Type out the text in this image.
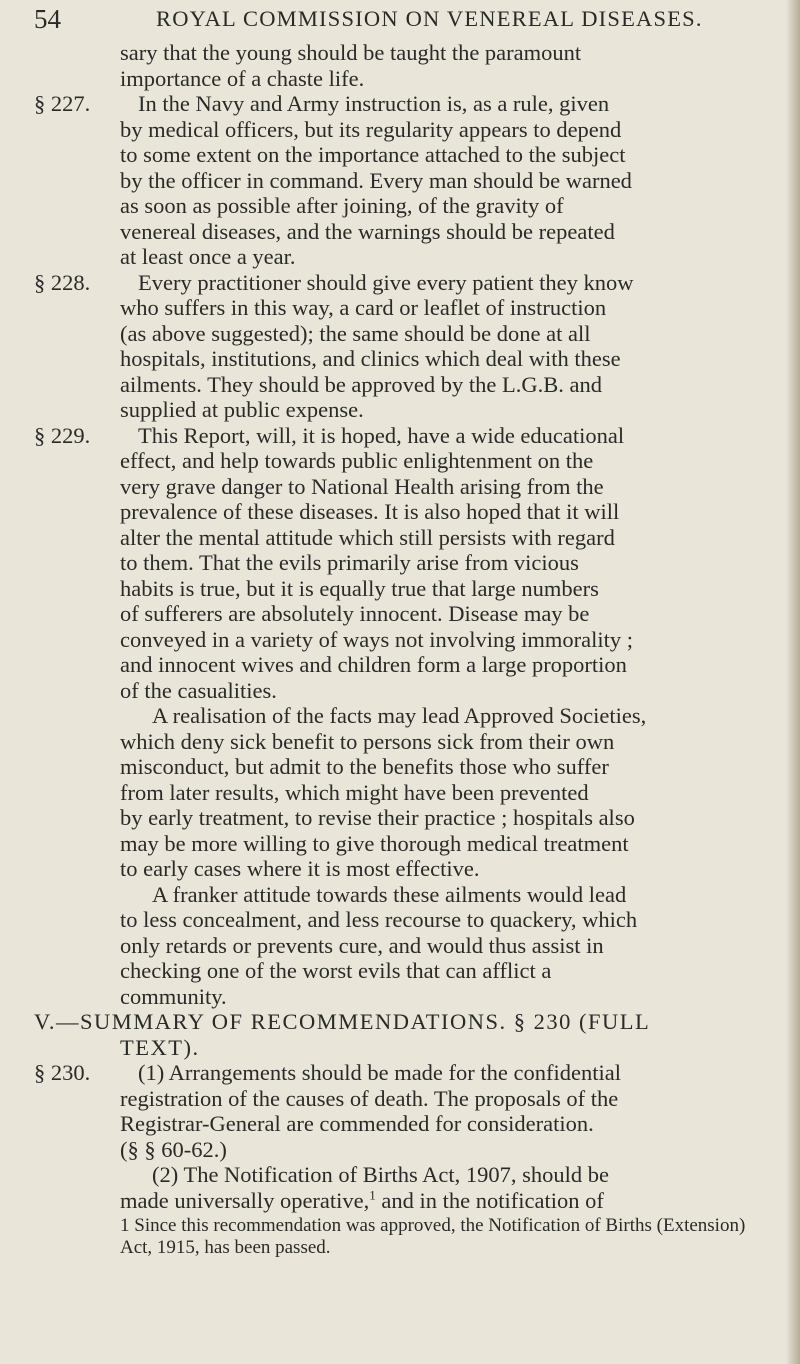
54	ROYAL COMMISSION ON VENEREAL DISEASES.
sary that the young should be taught the paramount
importance of a chaste life.
§ 227.	In the Navy and Army instruction is, as a rule, given
by medical officers, but its regularity appears to depend
to some extent on the importance attached to the subject
by the officer in command. Every man should be warned
as soon as possible after joining, of the gravity of
venereal diseases, and the warnings should be repeated
at least once a year.
§ 228.	Every practitioner should give every patient they know
who suffers in this way, a card or leaflet of instruction
(as above suggested); the same should be done at all
hospitals, institutions, and clinics which deal with these
ailments. They should be approved by the L.G.B. and
supplied at public expense.
§ 229.	This Report, will, it is hoped, have a wide educational
effect, and help towards public enlightenment on the
very grave danger to National Health arising from the
prevalence of these diseases. It is also hoped that it will
alter the mental attitude which still persists with regard
to them. That the evils primarily arise from vicious
habits is true, but it is equally true that large numbers
of sufferers are absolutely innocent. Disease may be
conveyed in a variety of ways not involving immorality ;
and innocent wives and children form a large proportion
of the casualities.
A realisation of the facts may lead Approved Societies,
which deny sick benefit to persons sick from their own
misconduct, but admit to the benefits those who suffer
from later results, which might have been prevented
by early treatment, to revise their practice ; hospitals also
may be more willing to give thorough medical treatment
to early cases where it is most effective.
A franker attitude towards these ailments would lead
to less concealment, and less recourse to quackery, which
only retards or prevents cure, and would thus assist in
checking one of the worst evils that can afflict a
community.
V.—SUMMARY OF RECOMMENDATIONS. § 230 (FULL
TEXT).
§ 230.	(1) Arrangements should be made for the confidential
registration of the causes of death. The proposals of the
Registrar-General are commended for consideration.
(§ § 60-62.)
(2) The Notification of Births Act, 1907, should be
made universally operative,$^1$ and in the notification of
1 Since this recommendation was approved, the Notification of Births (Extension)
Act, 1915, has been passed.
